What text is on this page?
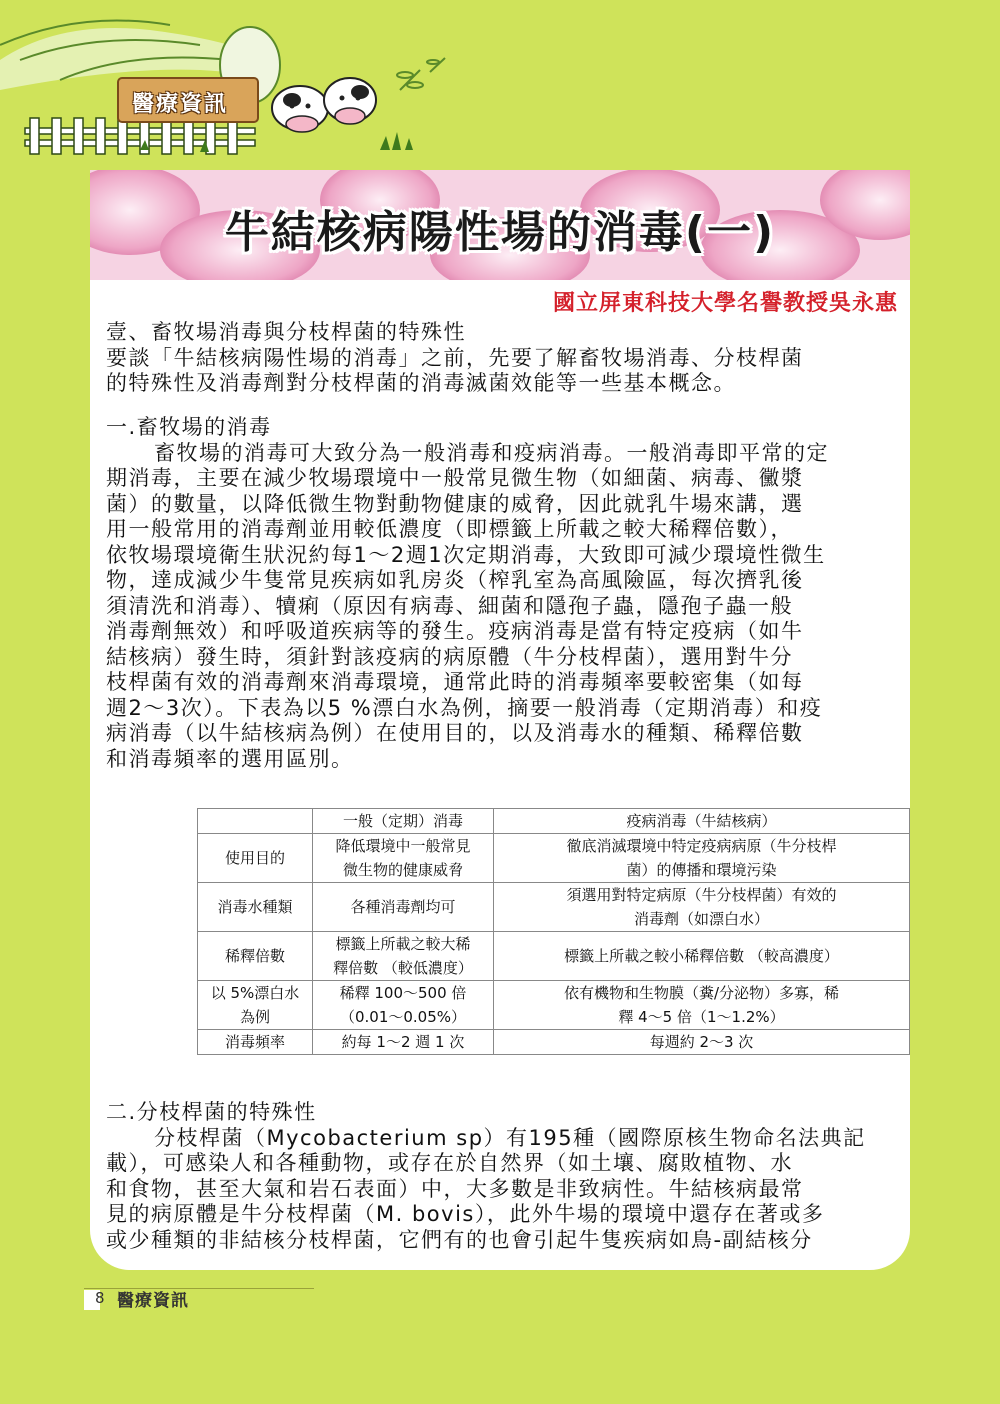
醫療資訊
牛結核病陽性場的消毒(一)
國立屏東科技大學名譽教授吳永惠
壹、畜牧場消毒與分枝桿菌的特殊性
要談「牛結核病陽性場的消毒」之前，先要了解畜牧場消毒、分枝桿菌
的特殊性及消毒劑對分枝桿菌的消毒滅菌效能等一些基本概念。
一.畜牧場的消毒
畜牧場的消毒可大致分為一般消毒和疫病消毒。一般消毒即平常的定
期消毒，主要在減少牧場環境中一般常見微生物（如細菌、病毒、黴漿
菌）的數量，以降低微生物對動物健康的威脅，因此就乳牛場來講，選
用一般常用的消毒劑並用較低濃度（即標籤上所載之較大稀釋倍數），
依牧場環境衛生狀況約每1～2週1次定期消毒，大致即可減少環境性微生
物，達成減少牛隻常見疾病如乳房炎（榨乳室為高風險區，每次擠乳後
須清洗和消毒）、犢痢（原因有病毒、細菌和隱孢子蟲，隱孢子蟲一般
消毒劑無效）和呼吸道疾病等的發生。疫病消毒是當有特定疫病（如牛
結核病）發生時，須針對該疫病的病原體（牛分枝桿菌），選用對牛分
枝桿菌有效的消毒劑來消毒環境，通常此時的消毒頻率要較密集（如每
週2～3次）。下表為以5 %漂白水為例，摘要一般消毒（定期消毒）和疫
病消毒（以牛結核病為例）在使用目的，以及消毒水的種類、稀釋倍數
和消毒頻率的選用區別。
	一般（定期）消毒	疫病消毒（牛結核病）
使用目的	降低環境中一般常見
微生物的健康威脅	徹底消滅環境中特定疫病病原（牛分枝桿
菌）的傳播和環境污染
消毒水種類	各種消毒劑均可	須選用對特定病原（牛分枝桿菌）有效的
消毒劑（如漂白水）
稀釋倍數	標籤上所載之較大稀
釋倍數 （較低濃度）	標籤上所載之較小稀釋倍數 （較高濃度）
以 5%漂白水
為例	稀釋 100～500 倍
（0.01～0.05%）	依有機物和生物膜（糞/分泌物）多寡，稀
釋 4～5 倍（1～1.2%）
消毒頻率	約每 1～2 週 1 次	每週約 2～3 次
二.分枝桿菌的特殊性
分枝桿菌（Mycobacterium sp）有195種（國際原核生物命名法典記
載），可感染人和各種動物，或存在於自然界（如土壤、腐敗植物、水
和食物，甚至大氣和岩石表面）中，大多數是非致病性。牛結核病最常
見的病原體是牛分枝桿菌（M. bovis），此外牛場的環境中還存在著或多
或少種類的非結核分枝桿菌，它們有的也會引起牛隻疾病如鳥-副結核分
8 醫療資訊
